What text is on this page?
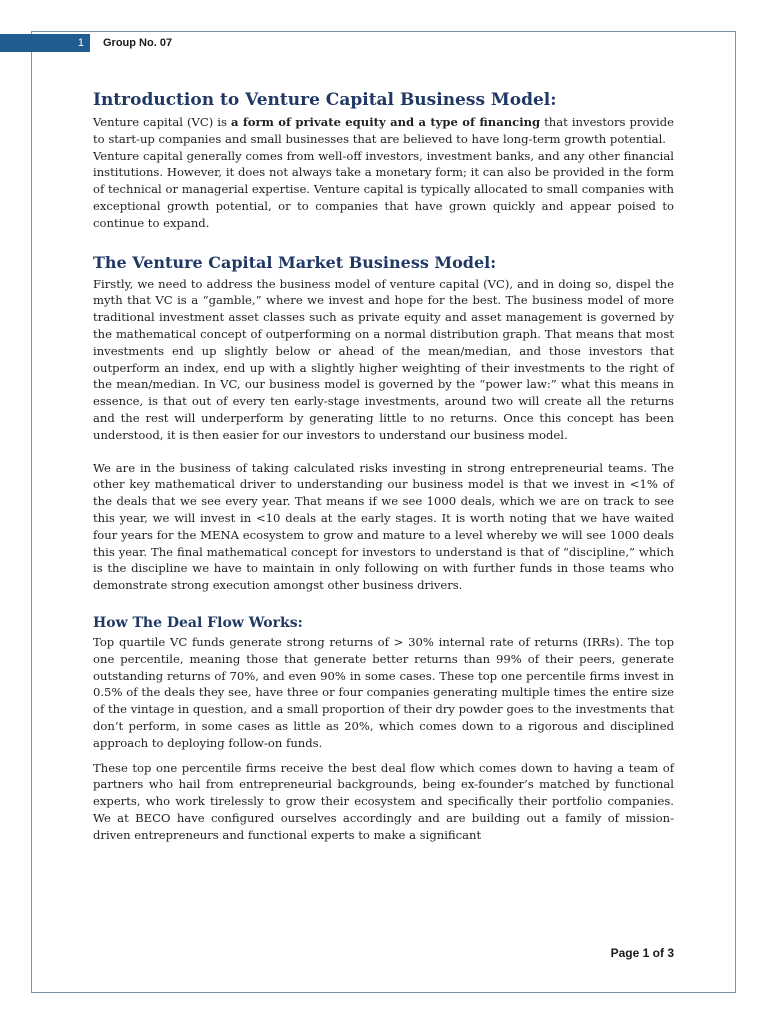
1	Group No. 07
Introduction to Venture Capital Business Model:

Venture capital (VC) is a form of private equity and a type of financing that investors provide to start-up companies and small businesses that are believed to have long-term growth potential.

Venture capital generally comes from well-off investors, investment banks, and any other financial institutions. However, it does not always take a monetary form; it can also be provided in the form of technical or managerial expertise. Venture capital is typically allocated to small companies with exceptional growth potential, or to companies that have grown quickly and appear poised to continue to expand.

The Venture Capital Market Business Model:

Firstly, we need to address the business model of venture capital (VC), and in doing so, dispel the myth that VC is a “gamble,” where we invest and hope for the best. The business model of more traditional investment asset classes such as private equity and asset management is governed by the mathematical concept of outperforming on a normal distribution graph. That means that most investments end up slightly below or ahead of the mean/median, and those investors that outperform an index, end up with a slightly higher weighting of their investments to the right of the mean/median. In VC, our business model is governed by the “power law:” what this means in essence, is that out of every ten early-stage investments, around two will create all the returns and the rest will underperform by generating little to no returns. Once this concept has been understood, it is then easier for our investors to understand our business model.

We are in the business of taking calculated risks investing in strong entrepreneurial teams. The other key mathematical driver to understanding our business model is that we invest in <1% of the deals that we see every year. That means if we see 1000 deals, which we are on track to see this year, we will invest in <10 deals at the early stages. It is worth noting that we have waited four years for the MENA ecosystem to grow and mature to a level whereby we will see 1000 deals this year. The final mathematical concept for investors to understand is that of “discipline,” which is the discipline we have to maintain in only following on with further funds in those teams who demonstrate strong execution amongst other business drivers.

How The Deal Flow Works:

Top quartile VC funds generate strong returns of > 30% internal rate of returns (IRRs). The top one percentile, meaning those that generate better returns than 99% of their peers, generate outstanding returns of 70%, and even 90% in some cases. These top one percentile firms invest in 0.5% of the deals they see, have three or four companies generating multiple times the entire size of the vintage in question, and a small proportion of their dry powder goes to the investments that don’t perform, in some cases as little as 20%, which comes down to a rigorous and disciplined approach to deploying follow-on funds.

These top one percentile firms receive the best deal flow which comes down to having a team of partners who hail from entrepreneurial backgrounds, being ex-founder’s matched by functional experts, who work tirelessly to grow their ecosystem and specifically their portfolio companies. We at BECO have configured ourselves accordingly and are building out a family of mission-driven entrepreneurs and functional experts to make a significant

Page 1 of 3
